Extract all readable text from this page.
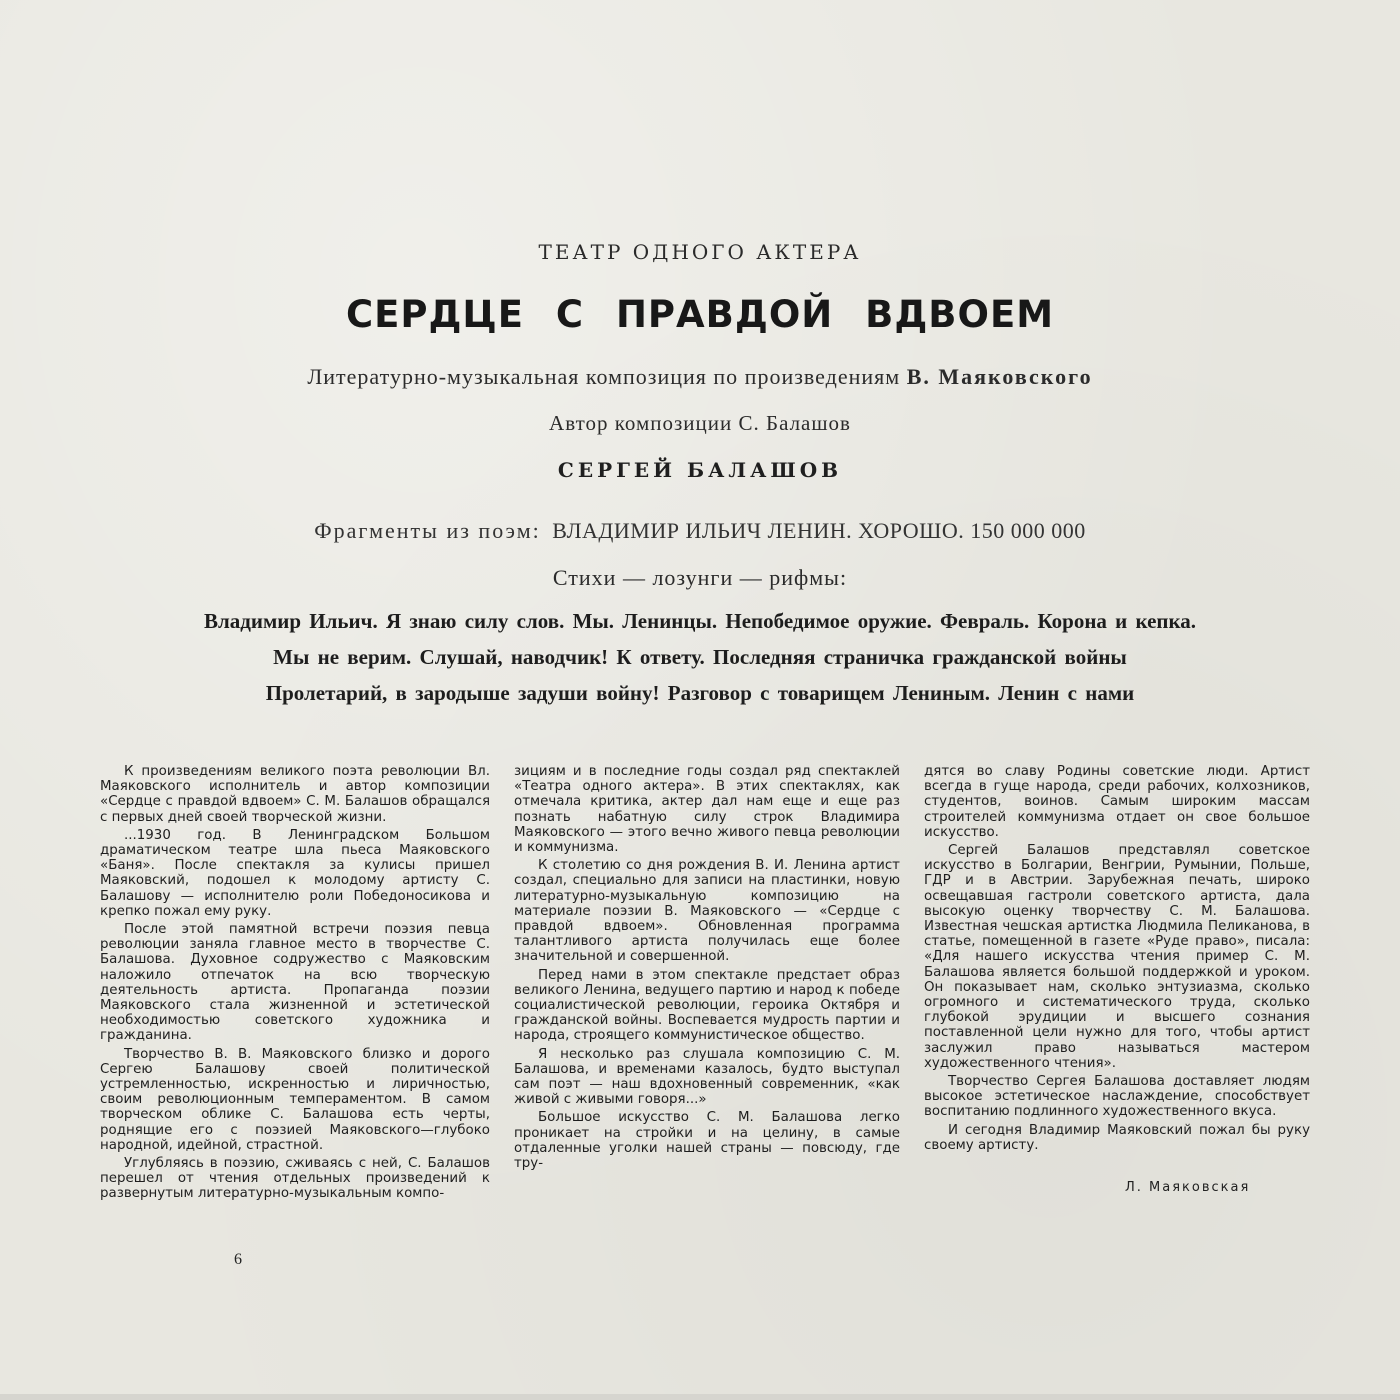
ТЕАТР ОДНОГО АКТЕРА
СЕРДЦЕ С ПРАВДОЙ ВДВОЕМ
Литературно-музыкальная композиция по произведениям В. Маяковского
Автор композиции С. Балашов
СЕРГЕЙ БАЛАШОВ
Фрагменты из поэм: ВЛАДИМИР ИЛЬИЧ ЛЕНИН. ХОРОШО. 150 000 000
Стихи — лозунги — рифмы:
Владимир Ильич. Я знаю силу слов. Мы. Ленинцы. Непобедимое оружие. Февраль. Корона и кепка.
Мы не верим. Слушай, наводчик! К ответу. Последняя страничка гражданской войны
Пролетарий, в зародыше задуши войну! Разговор с товарищем Лениным. Ленин с нами

К произведениям великого поэта революции Вл. Маяковского исполнитель и автор композиции «Сердце с правдой вдвоем» С. М. Балашов обращался с первых дней своей творческой жизни.

...1930 год. В Ленинградском Большом драматическом театре шла пьеса Маяковского «Баня». После спектакля за кулисы пришел Маяковский, подошел к молодому артисту С. Балашову — исполнителю роли Победоносикова и крепко пожал ему руку.

После этой памятной встречи поэзия певца революции заняла главное место в творчестве С. Балашова. Духовное содружество с Маяковским наложило отпечаток на всю творческую деятельность артиста. Пропаганда поэзии Маяковского стала жизненной и эстетической необходимостью советского художника и гражданина.

Творчество В. В. Маяковского близко и дорого Сергею Балашову своей политической устремленностью, искренностью и лиричностью, своим революционным темпераментом. В самом творческом облике С. Балашова есть черты, роднящие его с поэзией Маяковского—глубоко народной, идейной, страстной.

Углубляясь в поэзию, сживаясь с ней, С. Балашов перешел от чтения отдельных произведений к развернутым литературно-музыкальным компо-

зициям и в последние годы создал ряд спектаклей «Театра одного актера». В этих спектаклях, как отмечала критика, актер дал нам еще и еще раз познать набатную силу строк Владимира Маяковского — этого вечно живого певца революции и коммунизма.

К столетию со дня рождения В. И. Ленина артист создал, специально для записи на пластинки, новую литературно-музыкальную композицию на материале поэзии В. Маяковского — «Сердце с правдой вдвоем». Обновленная программа талантливого артиста получилась еще более значительной и совершенной.

Перед нами в этом спектакле предстает образ великого Ленина, ведущего партию и народ к победе социалистической революции, героика Октября и гражданской войны. Воспевается мудрость партии и народа, строящего коммунистическое общество.

Я несколько раз слушала композицию С. М. Балашова, и временами казалось, будто выступал сам поэт — наш вдохновенный современник, «как живой с живыми говоря...»

Большое искусство С. М. Балашова легко проникает на стройки и на целину, в самые отдаленные уголки нашей страны — повсюду, где тру-

дятся во славу Родины советские люди. Артист всегда в гуще народа, среди рабочих, колхозников, студентов, воинов. Самым широким массам строителей коммунизма отдает он свое большое искусство.

Сергей Балашов представлял советское искусство в Болгарии, Венгрии, Румынии, Польше, ГДР и в Австрии. Зарубежная печать, широко освещавшая гастроли советского артиста, дала высокую оценку творчеству С. М. Балашова. Известная чешская артистка Людмила Пеликанова, в статье, помещенной в газете «Руде право», писала: «Для нашего искусства чтения пример С. М. Балашова является большой поддержкой и уроком. Он показывает нам, сколько энтузиазма, сколько огромного и систематического труда, сколько глубокой эрудиции и высшего сознания поставленной цели нужно для того, чтобы артист заслужил право называться мастером художественного чтения».

Творчество Сергея Балашова доставляет людям высокое эстетическое наслаждение, способствует воспитанию подлинного художественного вкуса.

И сегодня Владимир Маяковский пожал бы руку своему артисту.

Л. Маяковская
6
